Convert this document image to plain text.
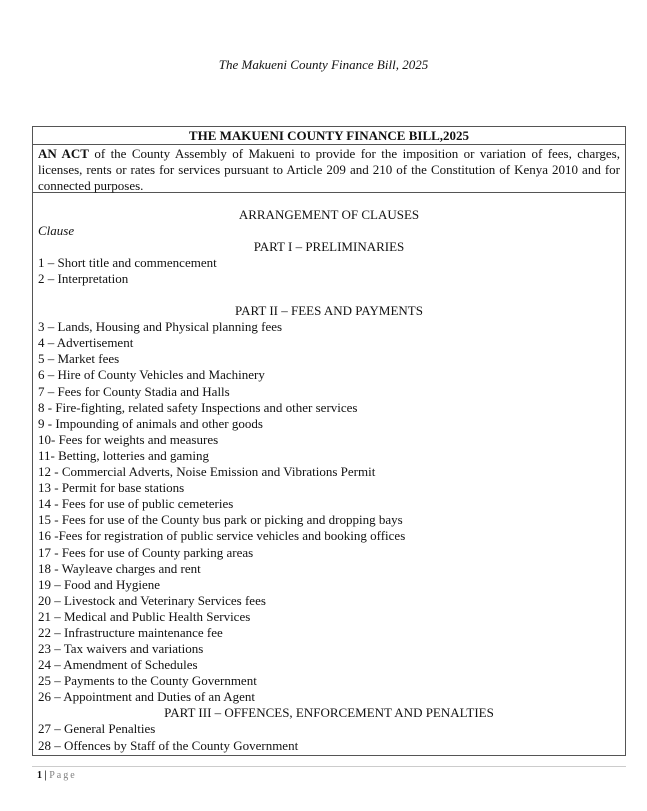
The Makueni County Finance Bill, 2025
THE MAKUENI COUNTY FINANCE BILL,2025
AN ACT of the County Assembly of Makueni to provide for the imposition or variation of fees, charges, licenses, rents or rates for services pursuant to Article 209 and 210 of the Constitution of Kenya 2010 and for connected purposes.
ARRANGEMENT OF CLAUSES
Clause
PART I – PRELIMINARIES
1 – Short title and commencement
2 – Interpretation
PART II – FEES AND PAYMENTS
3 – Lands, Housing and Physical planning fees
4 – Advertisement
5 – Market fees
6 – Hire of County Vehicles and Machinery
7 – Fees for County Stadia and Halls
8 - Fire-fighting, related safety Inspections and other services
9 - Impounding of animals and other goods
10- Fees for weights and measures
11- Betting, lotteries and gaming
12 - Commercial Adverts, Noise Emission and Vibrations Permit
13 - Permit for base stations
14 - Fees for use of public cemeteries
15 - Fees for use of the County bus park or picking and dropping bays
16 -Fees for registration of public service vehicles and booking offices
17 - Fees for use of County parking areas
18 - Wayleave charges and rent
19 – Food and Hygiene
20 – Livestock and Veterinary Services fees
21 – Medical and Public Health Services
22 – Infrastructure maintenance fee
23 – Tax waivers and variations
24 – Amendment of Schedules
25 – Payments to the County Government
26 – Appointment and Duties of an Agent
PART III – OFFENCES, ENFORCEMENT AND PENALTIES
27 – General Penalties
28 – Offences by Staff of the County Government
1 | Page
